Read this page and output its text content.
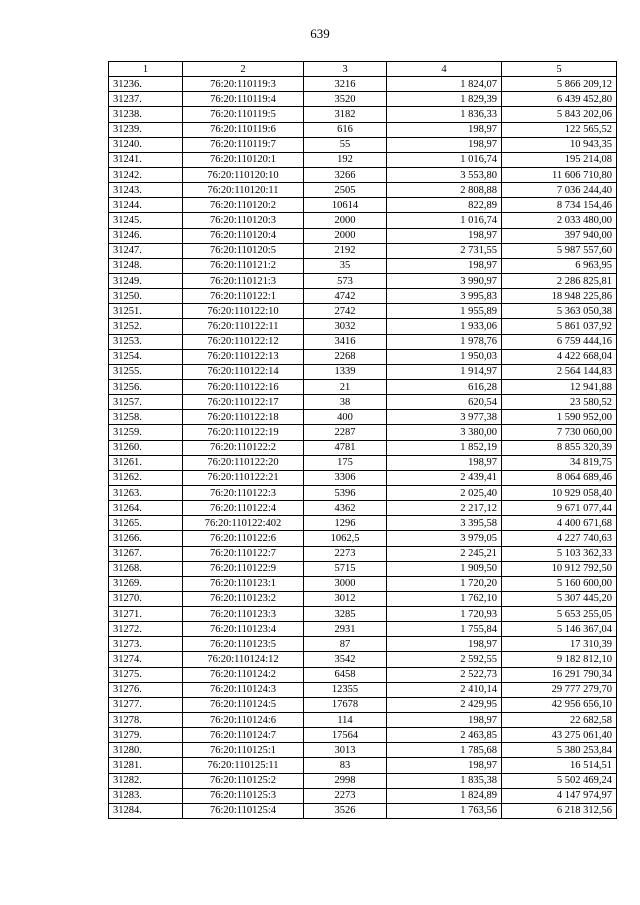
639
1	2	3	4	5
31236.	76:20:110119:3	3216	1 824,07	5 866 209,12
31237.	76:20:110119:4	3520	1 829,39	6 439 452,80
31238.	76:20:110119:5	3182	1 836,33	5 843 202,06
31239.	76:20:110119:6	616	198,97	122 565,52
31240.	76:20:110119:7	55	198,97	10 943,35
31241.	76:20:110120:1	192	1 016,74	195 214,08
31242.	76:20:110120:10	3266	3 553,80	11 606 710,80
31243.	76:20:110120:11	2505	2 808,88	7 036 244,40
31244.	76:20:110120:2	10614	822,89	8 734 154,46
31245.	76:20:110120:3	2000	1 016,74	2 033 480,00
31246.	76:20:110120:4	2000	198,97	397 940,00
31247.	76:20:110120:5	2192	2 731,55	5 987 557,60
31248.	76:20:110121:2	35	198,97	6 963,95
31249.	76:20:110121:3	573	3 990,97	2 286 825,81
31250.	76:20:110122:1	4742	3 995,83	18 948 225,86
31251.	76:20:110122:10	2742	1 955,89	5 363 050,38
31252.	76:20:110122:11	3032	1 933,06	5 861 037,92
31253.	76:20:110122:12	3416	1 978,76	6 759 444,16
31254.	76:20:110122:13	2268	1 950,03	4 422 668,04
31255.	76:20:110122:14	1339	1 914,97	2 564 144,83
31256.	76:20:110122:16	21	616,28	12 941,88
31257.	76:20:110122:17	38	620,54	23 580,52
31258.	76:20:110122:18	400	3 977,38	1 590 952,00
31259.	76:20:110122:19	2287	3 380,00	7 730 060,00
31260.	76:20:110122:2	4781	1 852,19	8 855 320,39
31261.	76:20:110122:20	175	198,97	34 819,75
31262.	76:20:110122:21	3306	2 439,41	8 064 689,46
31263.	76:20:110122:3	5396	2 025,40	10 929 058,40
31264.	76:20:110122:4	4362	2 217,12	9 671 077,44
31265.	76:20:110122:402	1296	3 395,58	4 400 671,68
31266.	76:20:110122:6	1062,5	3 979,05	4 227 740,63
31267.	76:20:110122:7	2273	2 245,21	5 103 362,33
31268.	76:20:110122:9	5715	1 909,50	10 912 792,50
31269.	76:20:110123:1	3000	1 720,20	5 160 600,00
31270.	76:20:110123:2	3012	1 762,10	5 307 445,20
31271.	76:20:110123:3	3285	1 720,93	5 653 255,05
31272.	76:20:110123:4	2931	1 755,84	5 146 367,04
31273.	76:20:110123:5	87	198,97	17 310,39
31274.	76:20:110124:12	3542	2 592,55	9 182 812,10
31275.	76:20:110124:2	6458	2 522,73	16 291 790,34
31276.	76:20:110124:3	12355	2 410,14	29 777 279,70
31277.	76:20:110124:5	17678	2 429,95	42 956 656,10
31278.	76:20:110124:6	114	198,97	22 682,58
31279.	76:20:110124:7	17564	2 463,85	43 275 061,40
31280.	76:20:110125:1	3013	1 785,68	5 380 253,84
31281.	76:20:110125:11	83	198,97	16 514,51
31282.	76:20:110125:2	2998	1 835,38	5 502 469,24
31283.	76:20:110125:3	2273	1 824,89	4 147 974,97
31284.	76:20:110125:4	3526	1 763,56	6 218 312,56
